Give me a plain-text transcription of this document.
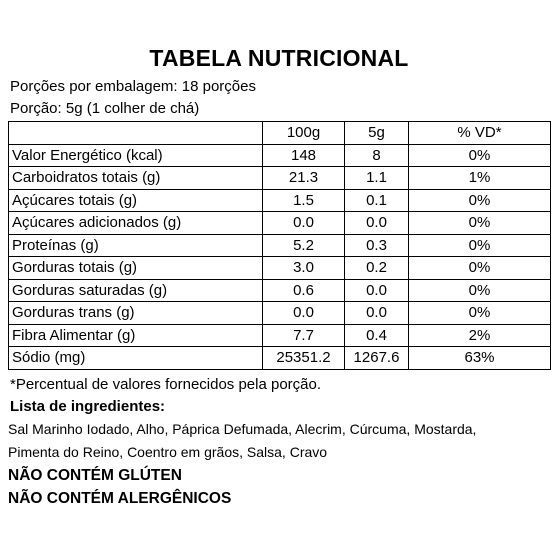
TABELA NUTRICIONAL
Porções por embalagem: 18 porções
Porção: 5g (1 colher de chá)
	100g	5g	% VD*
Valor Energético (kcal)	148	8	0%
Carboidratos totais (g)	21.3	1.1	1%
Açúcares totais (g)	1.5	0.1	0%
Açúcares adicionados (g)	0.0	0.0	0%
Proteínas (g)	5.2	0.3	0%
Gorduras totais (g)	3.0	0.2	0%
Gorduras saturadas (g)	0.6	0.0	0%
Gorduras trans (g)	0.0	0.0	0%
Fibra Alimentar (g)	7.7	0.4	2%
Sódio (mg)	25351.2	1267.6	63%
*Percentual de valores fornecidos pela porção.
Lista de ingredientes:
Sal Marinho Iodado, Alho, Páprica Defumada, Alecrim, Cúrcuma, Mostarda,
Pimenta do Reino, Coentro em grãos, Salsa, Cravo
NÃO CONTÉM GLÚTEN
NÃO CONTÉM ALERGÊNICOS
